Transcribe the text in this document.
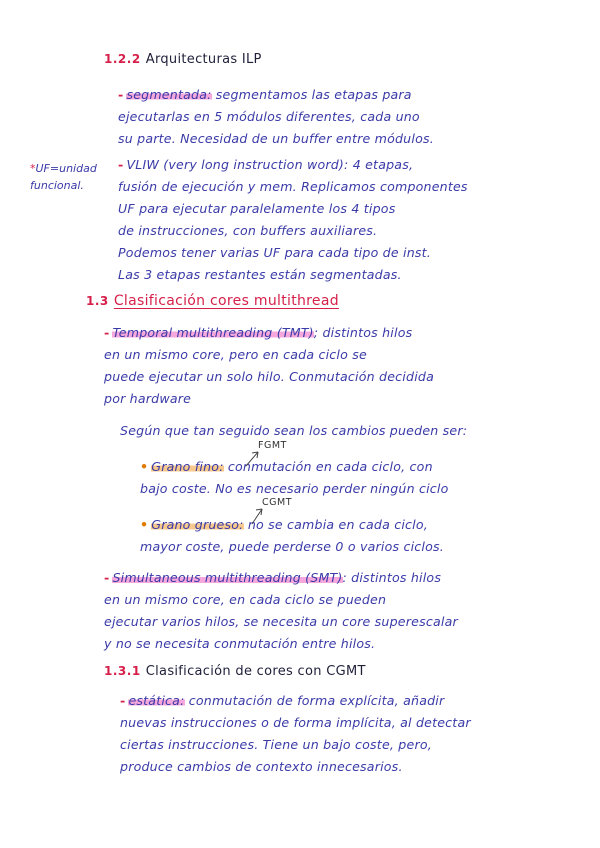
1.2.2 Arquitecturas ILP
- segmentada: segmentamos las etapas para
ejecutarlas en 5 módulos diferentes, cada uno
su parte. Necesidad de un buffer entre módulos.
*UF=unidad
funcional.
- VLIW (very long instruction word): 4 etapas,
fusión de ejecución y mem. Replicamos componentes
UF para ejecutar paralelamente los 4 tipos
de instrucciones, con buffers auxiliares.
Podemos tener varias UF para cada tipo de inst.
Las 3 etapas restantes están segmentadas.
1.3 Clasificación cores multithread
- Temporal multithreading (TMT); distintos hilos
en un mismo core, pero en cada ciclo se
puede ejecutar un solo hilo. Conmutación decidida
por hardware
Según que tan seguido sean los cambios pueden ser:
FGMT
• Grano fino: conmutación en cada ciclo, con
bajo coste. No es necesario perder ningún ciclo
CGMT
• Grano grueso: no se cambia en cada ciclo,
mayor coste, puede perderse 0 o varios ciclos.
- Simultaneous multithreading (SMT): distintos hilos
en un mismo core, en cada ciclo se pueden
ejecutar varios hilos, se necesita un core superescalar
y no se necesita conmutación entre hilos.
1.3.1 Clasificación de cores con CGMT
- estática: conmutación de forma explícita, añadir
nuevas instrucciones o de forma implícita, al detectar
ciertas instrucciones. Tiene un bajo coste, pero,
produce cambios de contexto innecesarios.
